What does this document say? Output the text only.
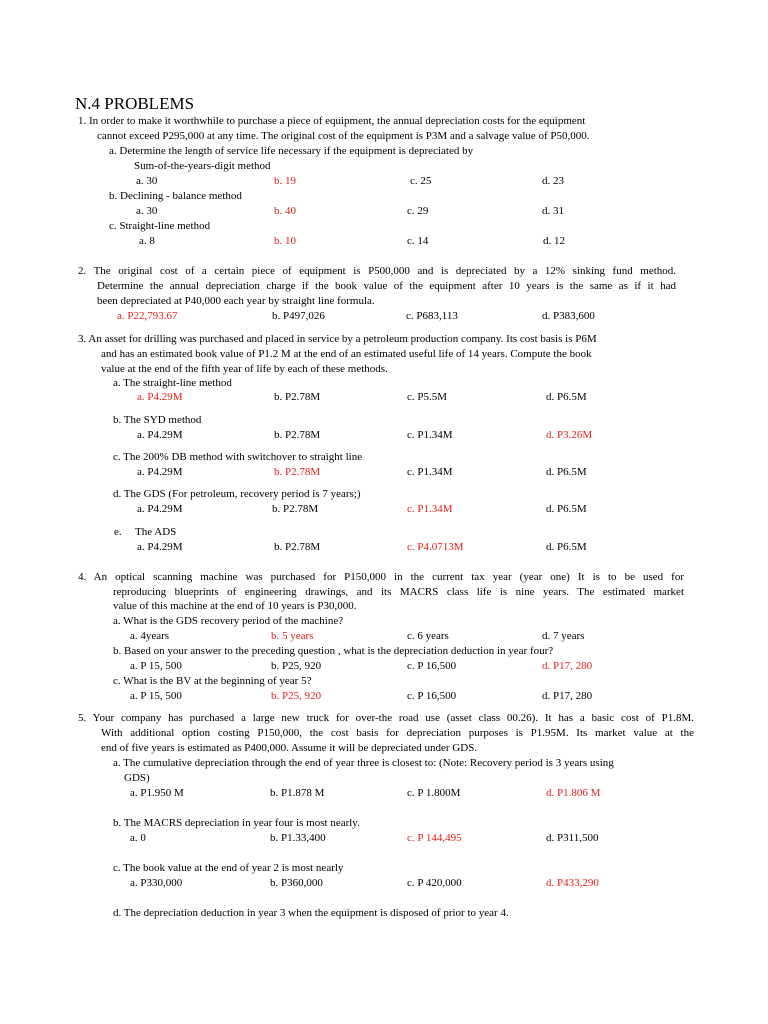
N.4 PROBLEMS
1. In order to make it worthwhile to purchase a piece of equipment, the annual depreciation costs for the equipment
cannot exceed P295,000 at any time. The original cost of the equipment is P3M and a salvage value of P50,000.
a. Determine the length of service life necessary if the equipment is depreciated by
Sum-of-the-years-digit method
a. 30	b. 19	c. 25	d. 23
b. Declining - balance method
a. 30	b. 40	c. 29	d. 31
c. Straight-line method
a. 8	b. 10	c. 14	d. 12
2. The original cost of a certain piece of equipment is P500,000 and is depreciated by a 12% sinking fund method.
Determine the annual depreciation charge if the book value of the equipment after 10 years is the same as if it had
been depreciated at P40,000 each year by straight line formula.
a. P22,793.67	b. P497,026	c. P683,113	d. P383,600
3. An asset for drilling was purchased and placed in service by a petroleum production company. Its cost basis is P6M
and has an estimated book value of P1.2 M at the end of an estimated useful life of 14 years. Compute the book
value at the end of the fifth year of life by each of these methods.
a. The straight-line method
a. P4.29M	b. P2.78M	c. P5.5M	d. P6.5M
b. The SYD method
a. P4.29M	b. P2.78M	c. P1.34M	d. P3.26M
c. The 200% DB method with switchover to straight line
a. P4.29M	b. P2.78M	c. P1.34M	d. P6.5M
d. The GDS (For petroleum, recovery period is 7 years;)
a. P4.29M	b. P2.78M	c. P1.34M	d. P6.5M
e. The ADS
a. P4.29M	b. P2.78M	c. P4.0713M	d. P6.5M
4. An optical scanning machine was purchased for P150,000 in the current tax year (year one) It is to be used for
reproducing blueprints of engineering drawings, and its MACRS class life is nine years. The estimated market
value of this machine at the end of 10 years is P30,000.
a. What is the GDS recovery period of the machine?
a. 4years	b. 5 years	c. 6 years	d. 7 years
b. Based on your answer to the preceding question , what is the depreciation deduction in year four?
a. P 15, 500	b. P25, 920	c. P 16,500	d. P17, 280
c. What is the BV at the beginning of year 5?
a. P 15, 500	b. P25, 920	c. P 16,500	d. P17, 280
5. Your company has purchased a large new truck for over-the road use (asset class 00.26). It has a basic cost of P1.8M.
With additional option costing P150,000, the cost basis for depreciation purposes is P1.95M. Its market value at the
end of five years is estimated as P400,000. Assume it will be depreciated under GDS.
a. The cumulative depreciation through the end of year three is closest to: (Note: Recovery period is 3 years using
GDS)
a. P1.950 M	b. P1.878 M	c. P 1.800M	d. P1.806 M
b. The MACRS depreciation in year four is most nearly.
a. 0	b. P1.33,400	c. P 144,495	d. P311,500
c. The book value at the end of year 2 is most nearly
a. P330,000	b. P360,000	c. P 420,000	d. P433,290
d. The depreciation deduction in year 3 when the equipment is disposed of prior to year 4.
